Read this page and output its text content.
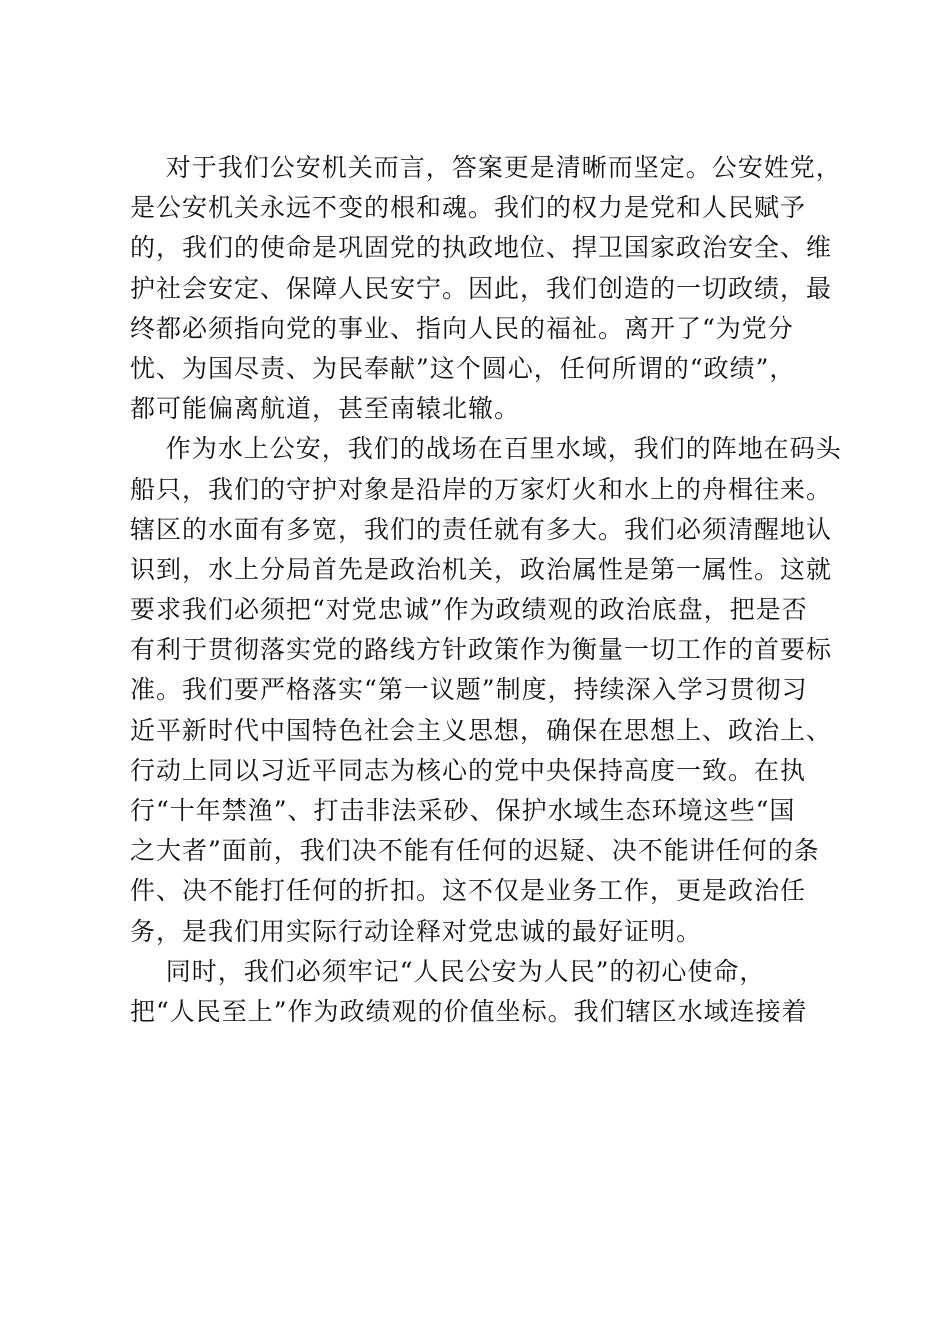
对于我们公安机关而言，答案更是清晰而坚定。公安姓党，
是公安机关永远不变的根和魂。我们的权力是党和人民赋予
的，我们的使命是巩固党的执政地位、捍卫国家政治安全、维
护社会安定、保障人民安宁。因此，我们创造的一切政绩，最
终都必须指向党的事业、指向人民的福祉。离开了“为党分
忧、为国尽责、为民奉献”这个圆心，任何所谓的“政绩”，
都可能偏离航道，甚至南辕北辙。
作为水上公安，我们的战场在百里水域，我们的阵地在码头
船只，我们的守护对象是沿岸的万家灯火和水上的舟楫往来。
辖区的水面有多宽，我们的责任就有多大。我们必须清醒地认
识到，水上分局首先是政治机关，政治属性是第一属性。这就
要求我们必须把“对党忠诚”作为政绩观的政治底盘，把是否
有利于贯彻落实党的路线方针政策作为衡量一切工作的首要标
准。我们要严格落实“第一议题”制度，持续深入学习贯彻习
近平新时代中国特色社会主义思想，确保在思想上、政治上、
行动上同以习近平同志为核心的党中央保持高度一致。在执
行“十年禁渔”、打击非法采砂、保护水域生态环境这些“国
之大者”面前，我们决不能有任何的迟疑、决不能讲任何的条
件、决不能打任何的折扣。这不仅是业务工作，更是政治任
务，是我们用实际行动诠释对党忠诚的最好证明。
同时，我们必须牢记“人民公安为人民”的初心使命，
把“人民至上”作为政绩观的价值坐标。我们辖区水域连接着
